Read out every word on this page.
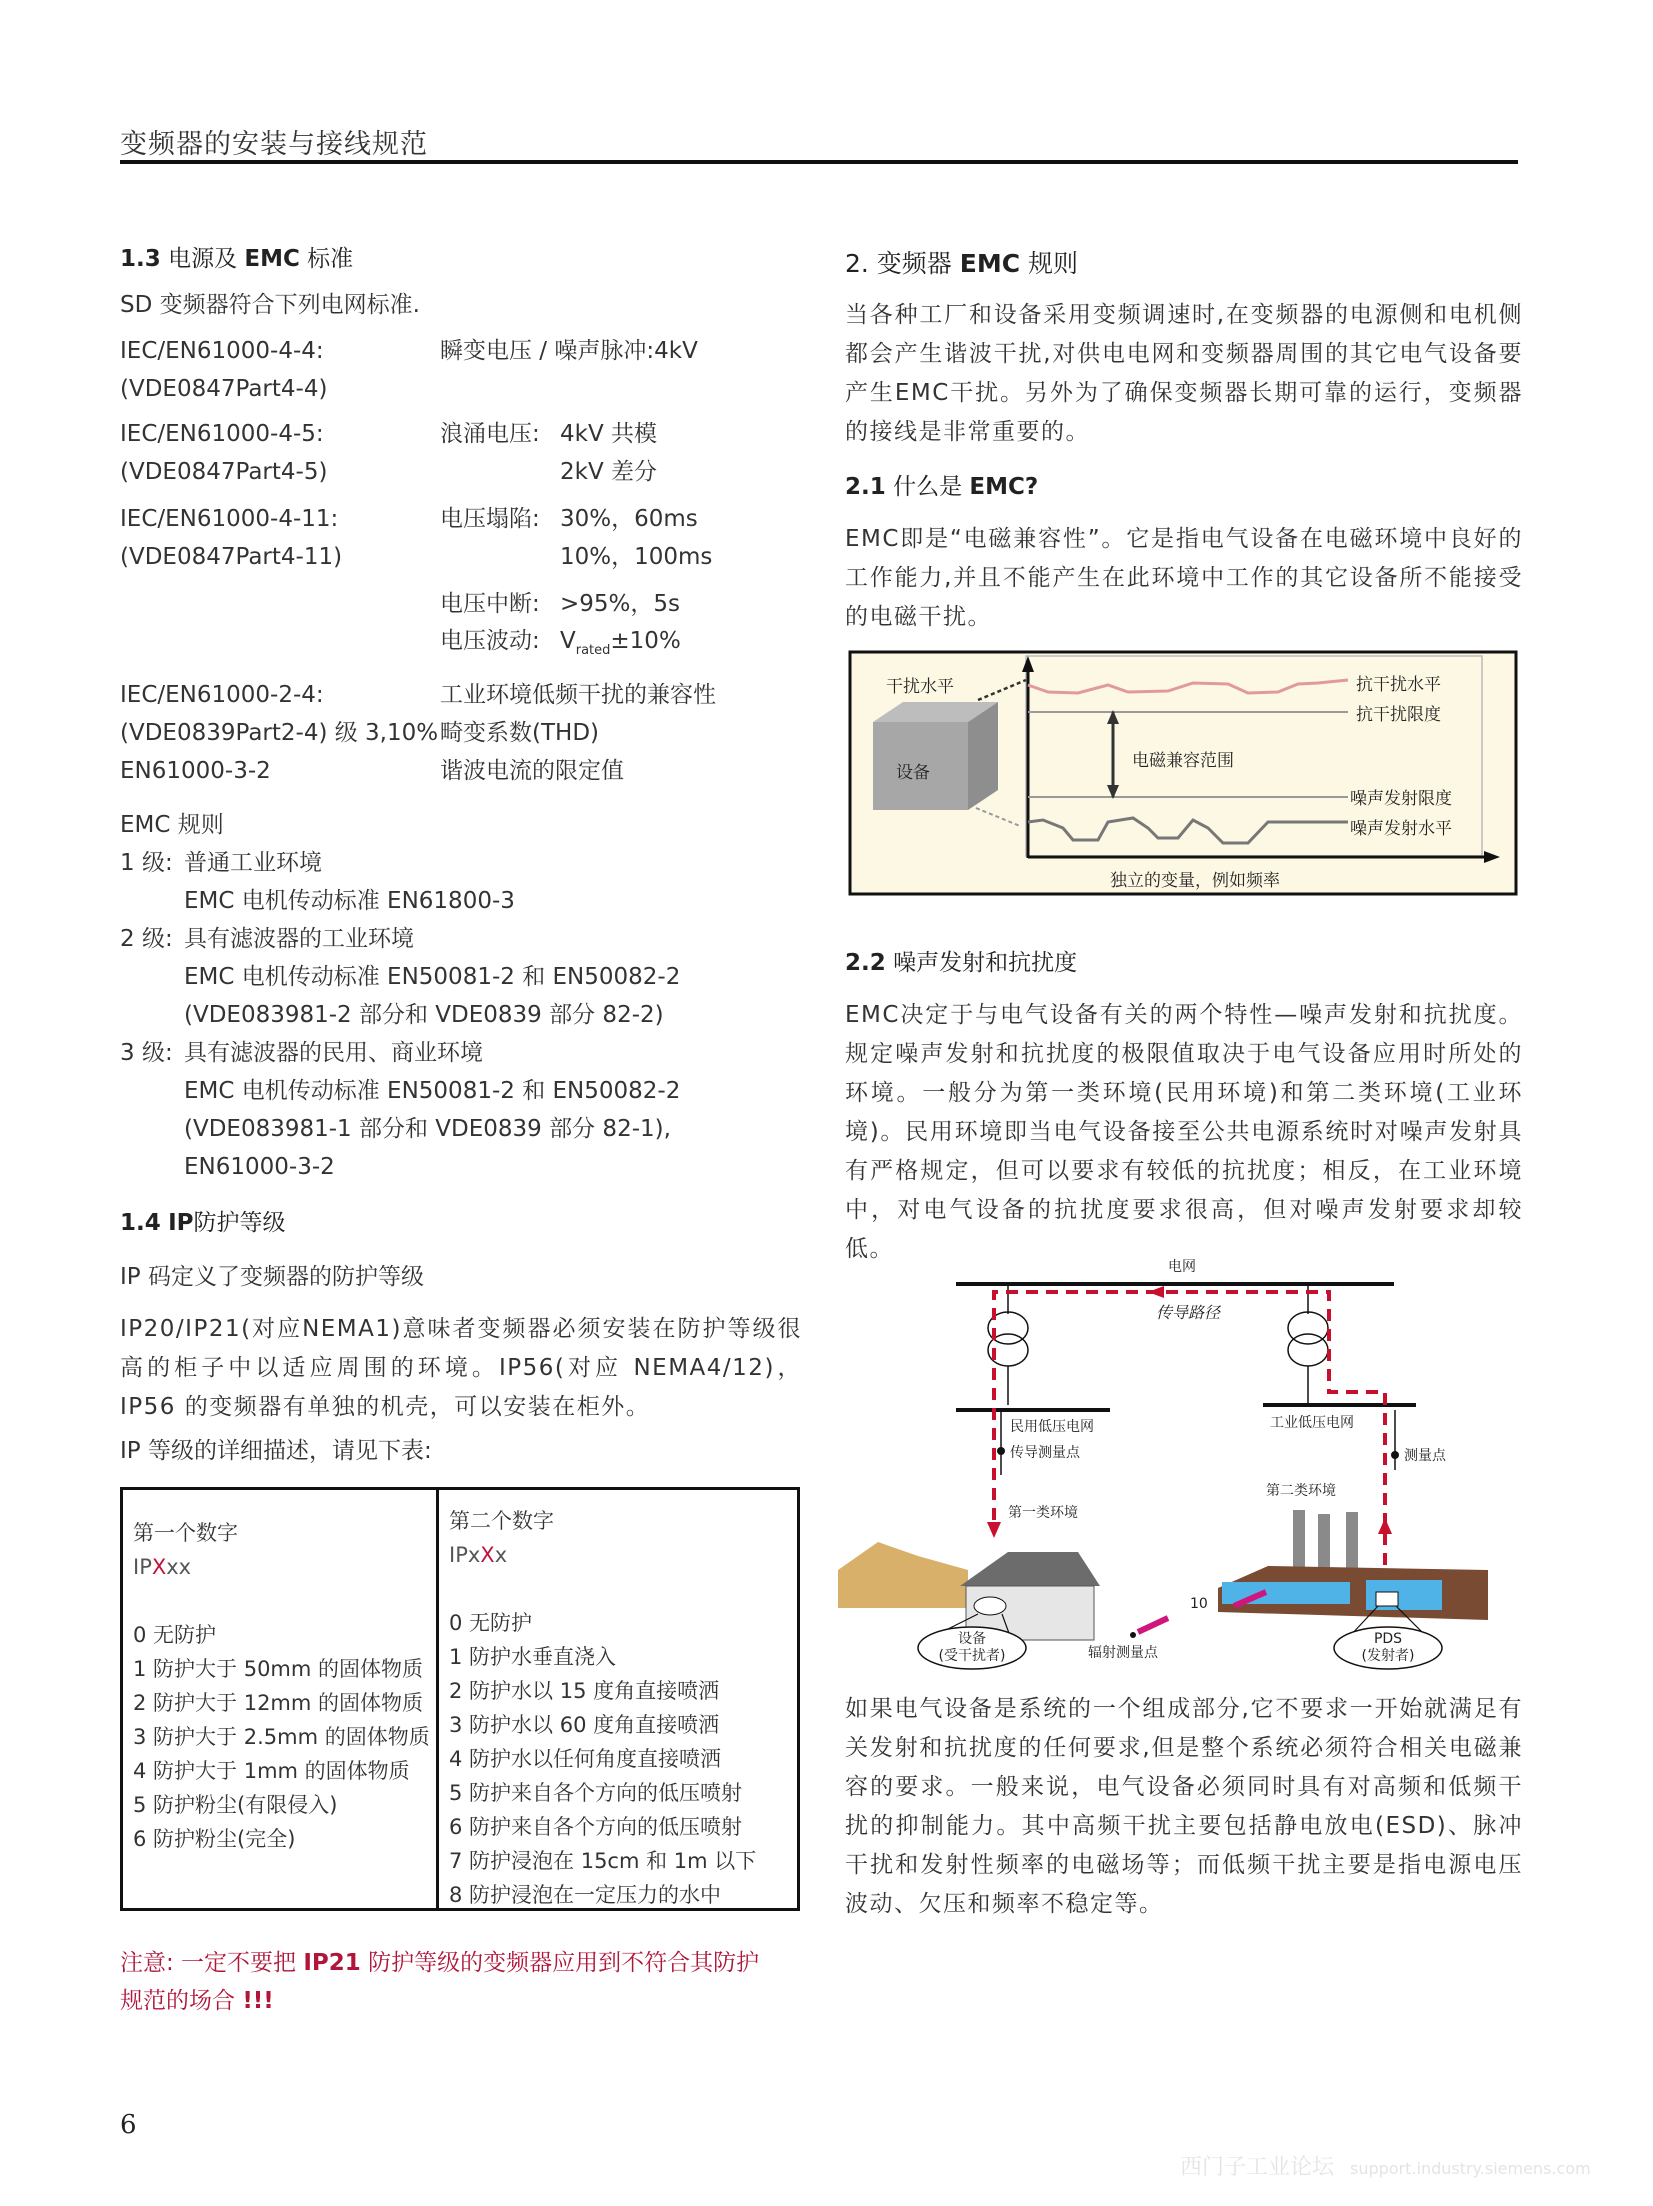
西门子工业论坛 support.industry.siemens.com
变频器的安装与接线规范
1.3 电源及 EMC 标准
SD 变频器符合下列电网标准.
IEC/EN61000-4-4:
(VDE0847Part4-4)
瞬变电压 / 噪声脉冲:4kV
IEC/EN61000-4-5:
(VDE0847Part4-5)
浪涌电压: 4kV 共模
2kV 差分
IEC/EN61000-4-11:
(VDE0847Part4-11)
电压塌陷: 30%，60ms
10%，100ms
电压中断: >95%，5s
电压波动: $V_{rated}\pm 10\%$
IEC/EN61000-2-4:	工业环境低频干扰的兼容性
(VDE0839Part2-4) 级 3,10% 畸变系数(THD)
EN61000-3-2	谐波电流的限定值
EMC 规则
1 级: 普通工业环境
EMC 电机传动标准 EN61800-3
2 级: 具有滤波器的工业环境
EMC 电机传动标准 EN50081-2 和 EN50082-2
(VDE083981-2 部分和 VDE0839 部分 82-2)
3 级: 具有滤波器的民用、商业环境
EMC 电机传动标准 EN50081-2 和 EN50082-2
(VDE083981-1 部分和 VDE0839 部分 82-1),
EN61000-3-2
1.4 IP防护等级
IP 码定义了变频器的防护等级
IP20/IP21(对应NEMA1)意味者变频器必须安装在防护等级很高的柜子中以适应周围的环境。IP56(对应 NEMA4/12)，IP56 的变频器有单独的机壳，可以安装在柜外。
IP 等级的详细描述，请见下表:
第一个数字
IPXxx
0 无防护
1 防护大于 50mm 的固体物质
2 防护大于 12mm 的固体物质
3 防护大于 2.5mm 的固体物质
4 防护大于 1mm 的固体物质
5 防护粉尘(有限侵入)
6 防护粉尘(完全)
第二个数字
IPxXx
0 无防护
1 防护水垂直浇入
2 防护水以 15 度角直接喷洒
3 防护水以 60 度角直接喷洒
4 防护水以任何角度直接喷洒
5 防护来自各个方向的低压喷射
6 防护来自各个方向的低压喷射
7 防护浸泡在 15cm 和 1m 以下
8 防护浸泡在一定压力的水中
注意: 一定不要把 IP21 防护等级的变频器应用到不符合其防护
规范的场合 !!!
6
2. 变频器 EMC 规则
当各种工厂和设备采用变频调速时,在变频器的电源侧和电机侧都会产生谐波干扰,对供电电网和变频器周围的其它电气设备要产生EMC干扰。另外为了确保变频器长期可靠的运行，变频器的接线是非常重要的。
2.1 什么是 EMC?
EMC即是“电磁兼容性”。它是指电气设备在电磁环境中良好的工作能力,并且不能产生在此环境中工作的其它设备所不能接受的电磁干扰。
干扰水平
设备
抗干扰水平
抗干扰限度
电磁兼容范围
噪声发射限度
噪声发射水平
独立的变量，例如频率
2.2 噪声发射和抗扰度
EMC决定于与电气设备有关的两个特性—噪声发射和抗扰度。规定噪声发射和抗扰度的极限值取决于电气设备应用时所处的环境。一般分为第一类环境(民用环境)和第二类环境(工业环境)。民用环境即当电气设备接至公共电源系统时对噪声发射具有严格规定，但可以要求有较低的抗扰度；相反，在工业环境中，对电气设备的抗扰度要求很高，但对噪声发射要求却较低。
电网
传导路径
民用低压电网
传导测量点
第一类环境
工业低压电网
测量点
第二类环境
10
辐射测量点
设备
(受干扰者)
PDS
(发射者)
如果电气设备是系统的一个组成部分,它不要求一开始就满足有关发射和抗扰度的任何要求,但是整个系统必须符合相关电磁兼容的要求。一般来说，电气设备必须同时具有对高频和低频干扰的抑制能力。其中高频干扰主要包括静电放电(ESD)、脉冲干扰和发射性频率的电磁场等；而低频干扰主要是指电源电压波动、欠压和频率不稳定等。
